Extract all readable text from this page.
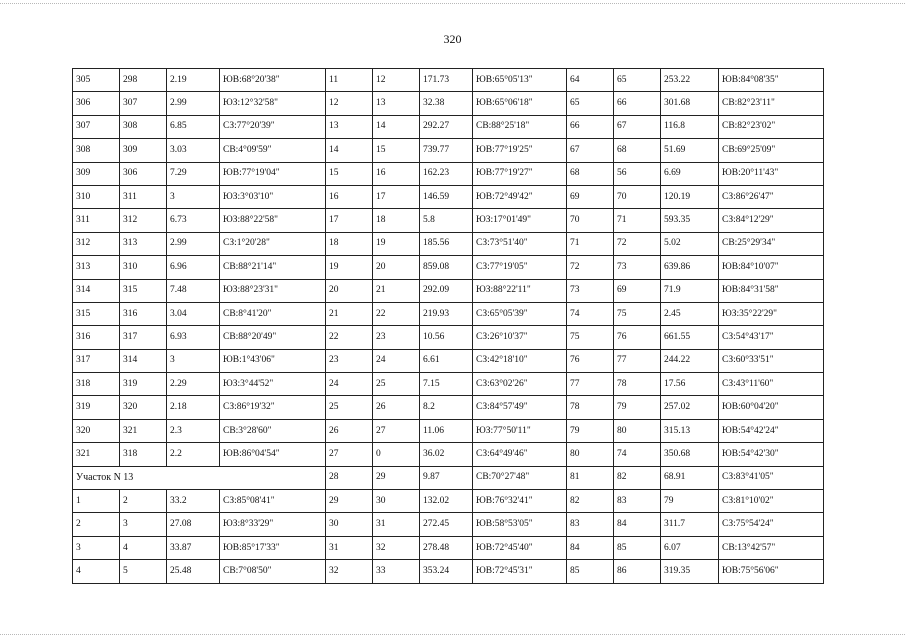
320
305	298	2.19	ЮВ:68°20'38"	11	12	171.73	ЮВ:65°05'13"	64	65	253.22	ЮВ:84°08'35"
306	307	2.99	ЮЗ:12°32'58"	12	13	32.38	ЮВ:65°06'18"	65	66	301.68	СВ:82°23'11"
307	308	6.85	СЗ:77°20'39"	13	14	292.27	СВ:88°25'18"	66	67	116.8	СВ:82°23'02"
308	309	3.03	СВ:4°09'59"	14	15	739.77	ЮВ:77°19'25"	67	68	51.69	СВ:69°25'09"
309	306	7.29	ЮВ:77°19'04"	15	16	162.23	ЮВ:77°19'27"	68	56	6.69	ЮВ:20°11'43"
310	311	3	ЮЗ:3°03'10"	16	17	146.59	ЮВ:72°49'42"	69	70	120.19	СЗ:86°26'47"
311	312	6.73	ЮЗ:88°22'58"	17	18	5.8	ЮЗ:17°01'49"	70	71	593.35	СЗ:84°12'29"
312	313	2.99	СЗ:1°20'28"	18	19	185.56	СЗ:73°51'40"	71	72	5.02	СВ:25°29'34"
313	310	6.96	СВ:88°21'14"	19	20	859.08	СЗ:77°19'05"	72	73	639.86	ЮВ:84°10'07"
314	315	7.48	ЮЗ:88°23'31"	20	21	292.09	ЮЗ:88°22'11"	73	69	71.9	ЮВ:84°31'58"
315	316	3.04	СВ:8°41'20"	21	22	219.93	СЗ:65°05'39"	74	75	2.45	ЮЗ:35°22'29"
316	317	6.93	СВ:88°20'49"	22	23	10.56	СЗ:26°10'37"	75	76	661.55	СЗ:54°43'17"
317	314	3	ЮВ:1°43'06"	23	24	6.61	СЗ:42°18'10"	76	77	244.22	СЗ:60°33'51"
318	319	2.29	ЮЗ:3°44'52"	24	25	7.15	СЗ:63°02'26"	77	78	17.56	СЗ:43°11'60"
319	320	2.18	СЗ:86°19'32"	25	26	8.2	СЗ:84°57'49"	78	79	257.02	ЮВ:60°04'20"
320	321	2.3	СВ:3°28'60"	26	27	11.06	ЮЗ:77°50'11"	79	80	315.13	ЮВ:54°42'24"
321	318	2.2	ЮВ:86°04'54"	27	0	36.02	СЗ:64°49'46"	80	74	350.68	ЮВ:54°42'30"
Участок N 13				28	29	9.87	СВ:70°27'48"	81	82	68.91	СЗ:83°41'05"
1	2	33.2	СЗ:85°08'41"	29	30	132.02	ЮВ:76°32'41"	82	83	79	СЗ:81°10'02"
2	3	27.08	ЮЗ:8°33'29"	30	31	272.45	ЮВ:58°53'05"	83	84	311.7	СЗ:75°54'24"
3	4	33.87	ЮВ:85°17'33"	31	32	278.48	ЮВ:72°45'40"	84	85	6.07	СВ:13°42'57"
4	5	25.48	СВ:7°08'50"	32	33	353.24	ЮВ:72°45'31"	85	86	319.35	ЮВ:75°56'06"
